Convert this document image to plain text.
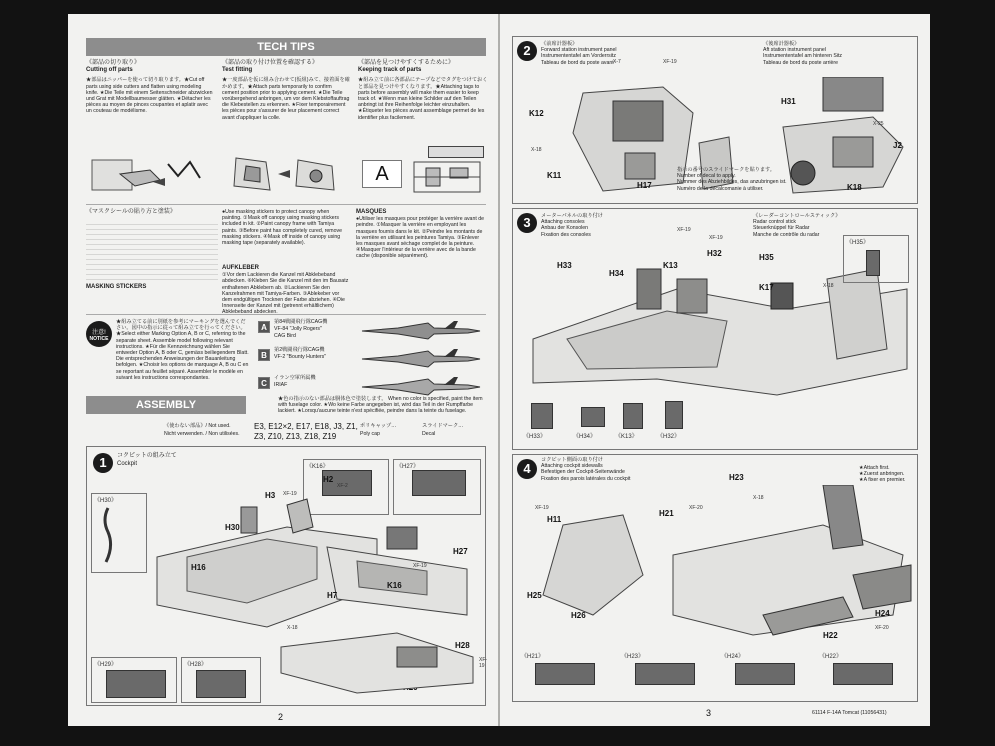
TECH TIPS
《部品の切り取り》
Cutting off parts
★部品はニッパーを使って切り取ります。★Cut off parts using side cutters and flatten using modeling knife. ★Die Teile mit einem Seitenschneider abzwicken und Grat mit Modellbaumesser glätten. ★Détacher les pièces au moyen de pinces coupantes et aplatir avec un couteau de modélisme.
《部品の取り付け位置を確認する》
Test fitting
★一度部品を仮に組み合わせて(仮組)みて、接着面を確かめます。★Attach parts temporarily to confirm cement position prior to applying cement. ★Die Teile vorübergehend anbringen, um vor dem Klebstoffauftrag die Klebestellen zu erkennen. ★Fixer temporairement les pièces pour s'assurer de leur placement correct avant d'appliquer la colle.
《部品を見つけやすくするために》
Keeping track of parts
★組み立て前に各部品にテープなどでタグをつけておくと部品を見つけやすくなります。★Attaching tags to parts before assembly will make them easier to keep track of. ★Wenn man kleine Schilder auf den Teilen anbringt ist ihre Reihenfolge leichter einzuhalten. ★Étiqueter les pièces avant assemblage permet de les identifier plus facilement.
A
《マスクシールの貼り方と塗装》
MASKING STICKERS
●Use masking stickers to protect canopy when painting. ①Mask off canopy using masking stickers included in kit. ②Paint canopy frame with Tamiya paints. ③Before paint has completely cured, remove masking stickers. ④Mask off inside of canopy using masking tape (separately available).
AUFKLEBER
①Vor dem Lackieren die Kanzel mit Abklebeband abdecken. ⑥Kleben Sie die Kanzel mit den im Bausatz enthaltenen Abklebern ab. ②Lackieren Sie den Kanzelrahmen mit Tamiya-Farben. ③Ablekeber vor dem endgültigen Trocknen der Farbe abziehen. ④Die Innenseite der Kanzel mit (getrennt erhältlichem) Abklebeband abdecken.
MASQUES
●Utiliser les masques pour protéger la verrière avant de peindre. ①Masquer la verrière en employant les masques fournis dans le kit. ②Peindre les montants de la verrière en utilisant les peintures Tamiya. ③Enlever les masques avant séchage complet de la peinture. ④Masquer l'intérieur de la verrière avec de la bande cache (disponible séparément).
注意!
NOTICE
★組み立てる前に別紙を参考にマーキングを選んでください。図中の指示に従って組み立てを行ってください。★Select either Marking Option A, B or C, referring to the separate sheet. Assemble model following relevant instructions. ★Für die Kennzeichnung wählen Sie entweder Option A, B oder C, gemäss beiliegendem Blatt. Die entsprechenden Anweisungen der Bauanleitung befolgen. ★Choisir les options de marquage A, B ou C en se reportant au feuillet séparé. Assembler le modèle en suivant les instructions correspondantes.
A
第84戦闘飛行隊CAG機
VF-84 "Jolly Rogers"
CAG Bird
B
第2戦闘飛行隊CAG機
VF-2 "Bounty Hunters"
C
イラン空軍所属機
IRIAF
ASSEMBLY	★色の指示のない部品は胴体色で塗装します。 When no color is specified, paint the item with fuselage color. ★Wo keine Farbe angegeben ist, wird das Teil in der Rumpffarbe lackiert. ★Lorsqu'aucune teinte n'est spécifiée, peindre dans la teinte du fuselage.
《使わない部品》/ Not used.
Nicht verwenden. / Non utilisées.
E3, E12×2, E17, E18, J3, Z1,
Z3, Z10, Z13, Z18, Z19
ポリキャップ…
Poly cap
スライドマーク…
Decal
1	コクピットの組み立て
Cockpit	《K16》	《H27》
《H30》
H3
H2
H30
H16
H7
H27
K16
H28
XF-19
X-18
XF-2
XF-19
XF-19
《H29》	《H28》
2
2	《前席計器板》
Forward station instrument panel
Instrumententafel am Vorderrsitz
Tableau de bord du poste avant
《後席計器板》
Aft station instrument panel
Instrumententafel am hinteren Sitz
Tableau de bord du poste arrière
K12
K11
H17
H31
J2
K18
X-7	XF-19
X-18
X-25
指示の番号のスライドマークを貼ります。
Number of decal to apply.
Nummer des Abziehbildes, das anzubringen ist.
Numéro de la décalcomanie à utiliser.
3	メーターパネルの取り付け
Attaching consoles
Anbau der Konsolen
Fixation des consoles
《レーダーコントロールスティック》
Radar control stick
Steuerknüppel für Radar
Manche de contrôle du radar
K13
H32
H33
H34
H35
K17
XF-19
XF-19
X-18
《H35》
《H33》	《H34》	《K13》	《H32》
4
コクピット側面の取り付け
Attaching cockpit sidewalls
Befestigen der Cockpit-Seitenwände
Fixation des parois latérales du cockpit
★Attach first.
★Zuerst anbringen.
★A fixer en premier.
H23
H11
H21
H25
H26
H22
H24
XF-19	XF-20
X-18
XF-20
《H21》	《H23》	《H24》	《H22》
3	61114 F-14A Tomcat (11056431)
